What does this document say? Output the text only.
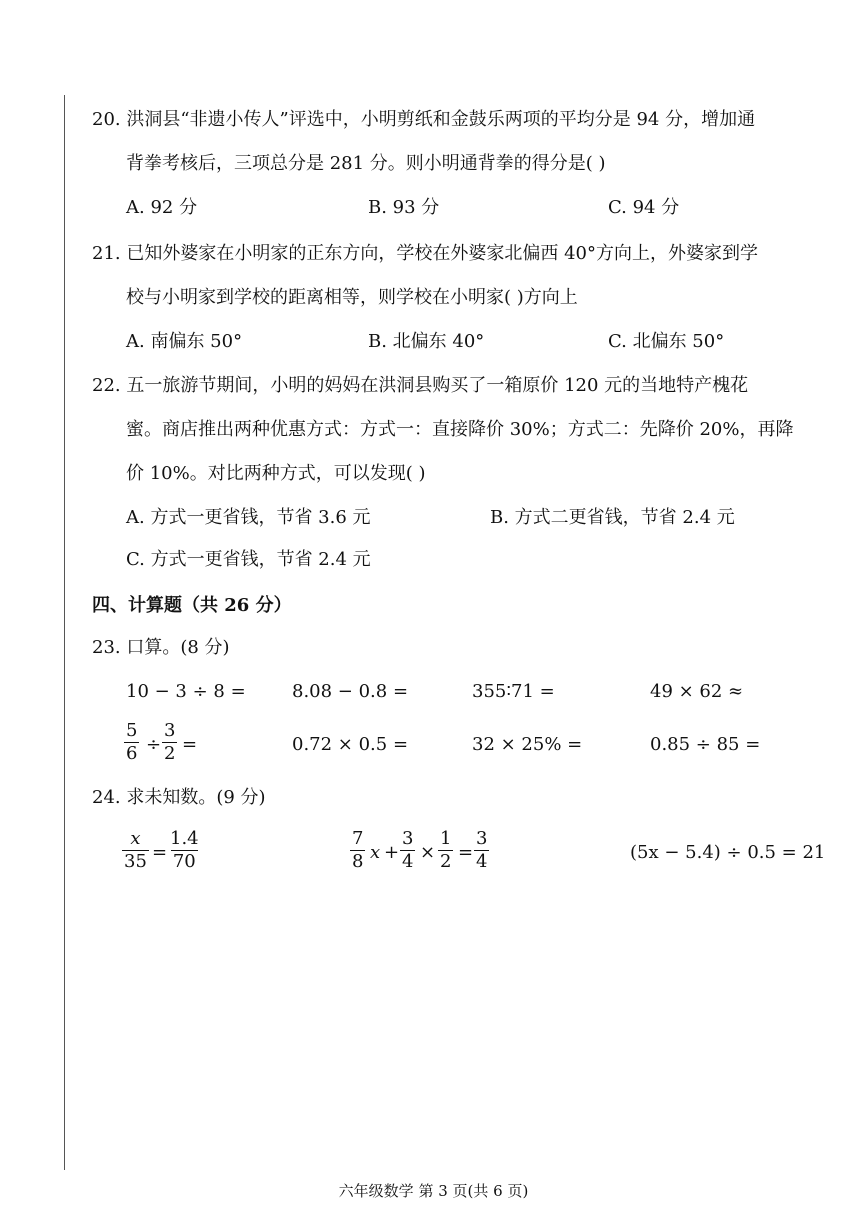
20. 洪洞县“非遗小传人”评选中，小明剪纸和金鼓乐两项的平均分是 94 分，增加通
背拳考核后，三项总分是 281 分。则小明通背拳的得分是( )
A. 92 分	B. 93 分	C. 94 分
21. 已知外婆家在小明家的正东方向，学校在外婆家北偏西 40°方向上，外婆家到学
校与小明家到学校的距离相等，则学校在小明家( )方向上
A. 南偏东 50°	B. 北偏东 40°	C. 北偏东 50°
22. 五一旅游节期间，小明的妈妈在洪洞县购买了一箱原价 120 元的当地特产槐花
蜜。商店推出两种优惠方式：方式一：直接降价 30%；方式二：先降价 20%，再降
价 10%。对比两种方式，可以发现( )
A. 方式一更省钱，节省 3.6 元	B. 方式二更省钱，节省 2.4 元
C. 方式一更省钱，节省 2.4 元
四、计算题（共 26 分）
23. 口算。(8 分)
10 − 3 ÷ 8 =	8.08 − 0.8 =	355∶71 =	49 × 62 ≈
$\frac{5}{6} \div \frac{3}{2}$ =	0.72 × 0.5 =	32 × 25% =	0.85 ÷ 85 =
24. 求未知数。(9 分)
$\frac{x}{35} = \frac{1.4}{70}$	$\frac{7}{8}$ $x + \frac{3}{4} \times \frac{1}{2} = \frac{3}{4}$	(5x − 5.4) ÷ 0.5 = 21
六年级数学 第 3 页(共 6 页)
